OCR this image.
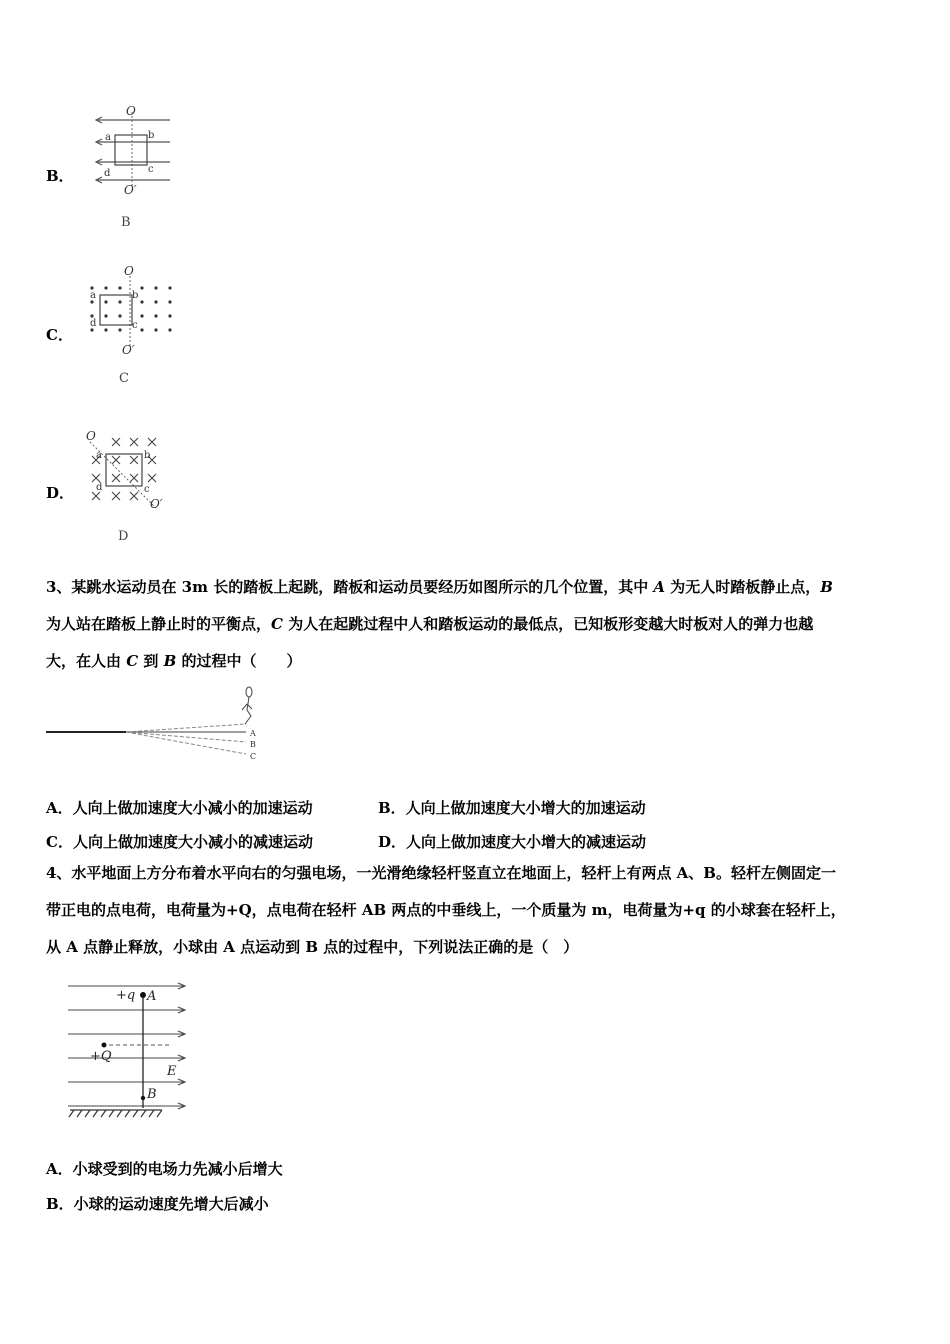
B．
O
O′
a	b
c
d
B
C．
O
O′
a	b
c
d
C
D．
O
O′
a	b
c
d
D
3、某跳水运动员在 3m 长的踏板上起跳，踏板和运动员要经历如图所示的几个位置，其中 A 为无人时踏板静止点，B
为人站在踏板上静止时的平衡点，C 为人在起跳过程中人和踏板运动的最低点，已知板形变越大时板对人的弹力也越
大，在人由 C 到 B 的过程中（　　）
A
B
C
A．人向上做加速度大小减小的加速运动	B．人向上做加速度大小增大的加速运动
C．人向上做加速度大小减小的减速运动	D．人向上做加速度大小增大的减速运动
4、水平地面上方分布着水平向右的匀强电场，一光滑绝缘轻杆竖直立在地面上，轻杆上有两点 A、B。轻杆左侧固定一
带正电的点电荷，电荷量为+Q，点电荷在轻杆 AB 两点的中垂线上，一个质量为 m，电荷量为+q 的小球套在轻杆上，
从 A 点静止释放，小球由 A 点运动到 B 点的过程中，下列说法正确的是（　）
+q A
+Q
E
B
A．小球受到的电场力先减小后增大
B．小球的运动速度先增大后减小
